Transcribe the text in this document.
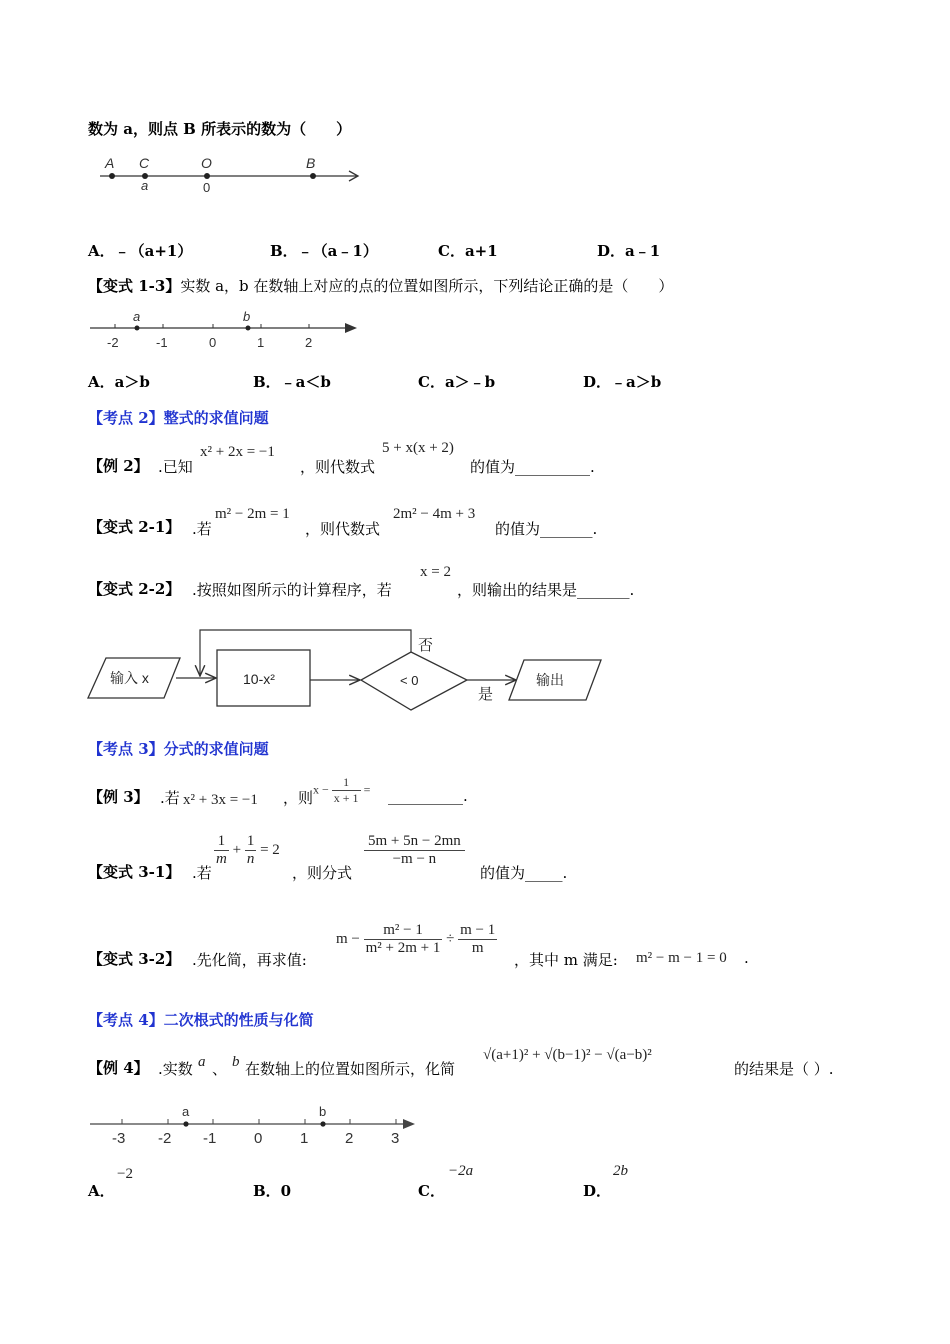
数为 a，则点 B 所表示的数为（　　）
A C	O	B
a	0
A．﹣（a+1）	B．﹣（a﹣1）	C．a+1	D．a﹣1
【变式 1-3】实数 a，b 在数轴上对应的点的位置如图所示，下列结论正确的是（　　）
a	b
-2	-1	0	1	2
A．a＞b	B．﹣a＜b	C．a＞﹣b	D．﹣a＞b
【考点 2】整式的求值问题
【例 2】 .已知
x² + 2x = −1
，则代数式
5 + x(x + 2)
的值为__________.
【变式 2-1】 .若
m² − 2m = 1
，则代数式
2m² − 4m + 3
的值为_______.
【变式 2-2】 .按照如图所示的计算程序，若
x = 2
，则输出的结果是_______.
输入 x	10-x²	< 0
否
是
输出
【考点 3】分式的求值问题
【例 3】 .若 x² + 3x = −1 ，则 $x - \frac{1}{x + 1}$ = __________.
【变式 3-1】 .若
$\frac{1}{m} + \frac{1}{n} = 2$
，则分式
$\frac{5m + 5n - 2mn}{-m - n}$
的值为_____.
【变式 3-2】 .先化简，再求值:
$m - \frac{\text{m² − 1}}{\text{m² + 2m + 1}} \div \frac{m - 1}{m}$
，其中 m 满足: m² − m − 1 = 0 .
【考点 4】二次根式的性质与化简
【例 4】 .实数 a 、 b 在数轴上的位置如图所示，化简
√(a+1)² + √(b−1)² − √(a−b)²
的结果是（ ）.
a	b
-3 -2 -1	0	1 2	3
A．
−2
B．0	C．
−2a
D．
2b
